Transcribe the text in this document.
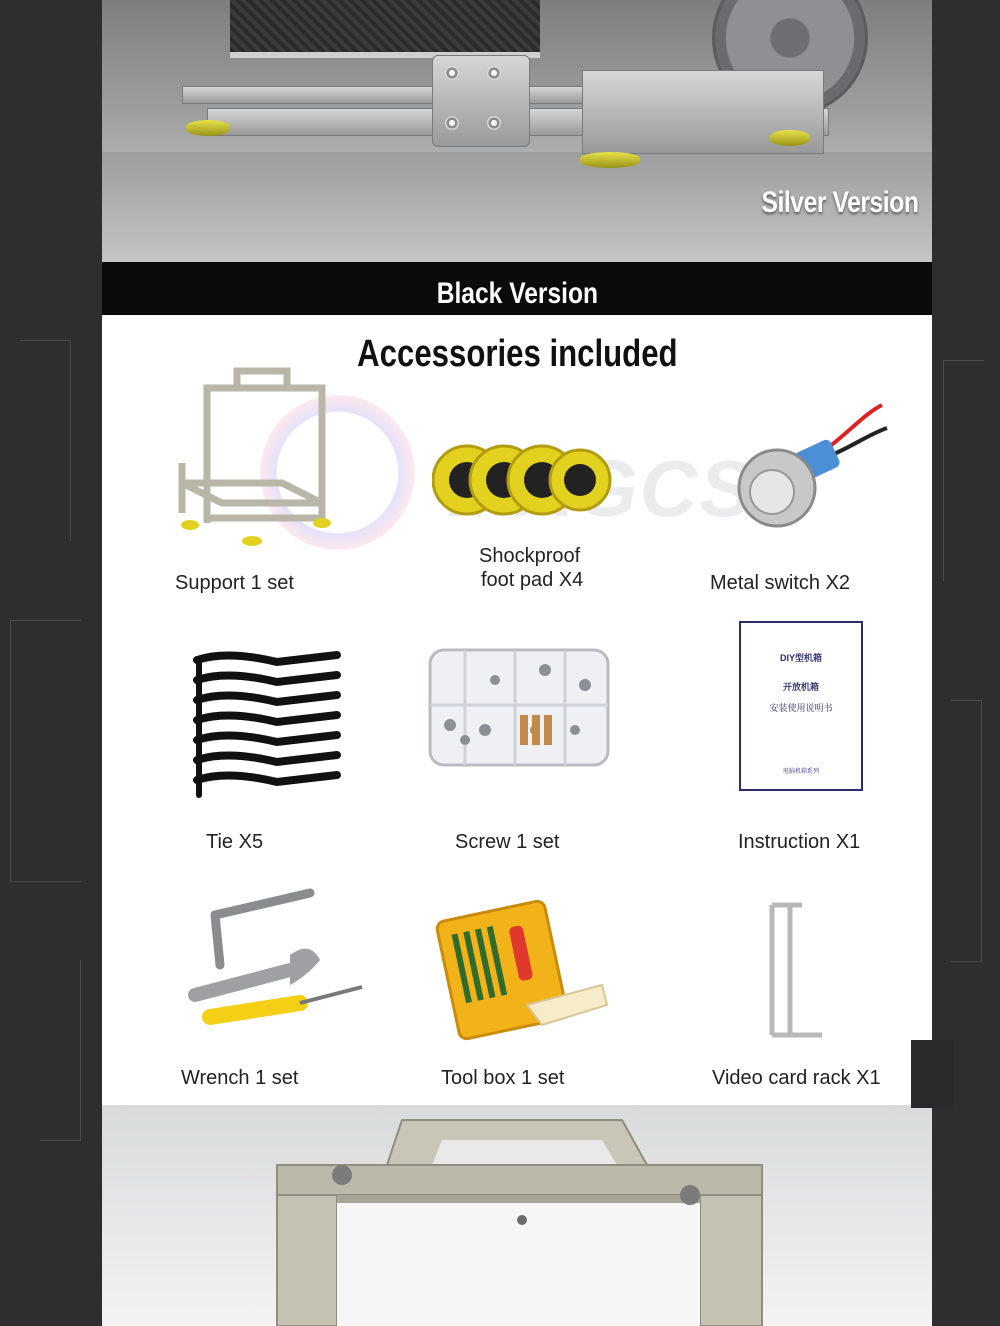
Silver Version
Black Version
Accessories included
Support 1 set
Shockproof
foot pad X4	Metal switch X2
Tie X5	Screw 1 set
DIY型机箱
开放机箱
安装使用说明书
电脑机箱系列
Instruction X1
Wrench 1 set	Tool box 1 set	Video card rack X1
